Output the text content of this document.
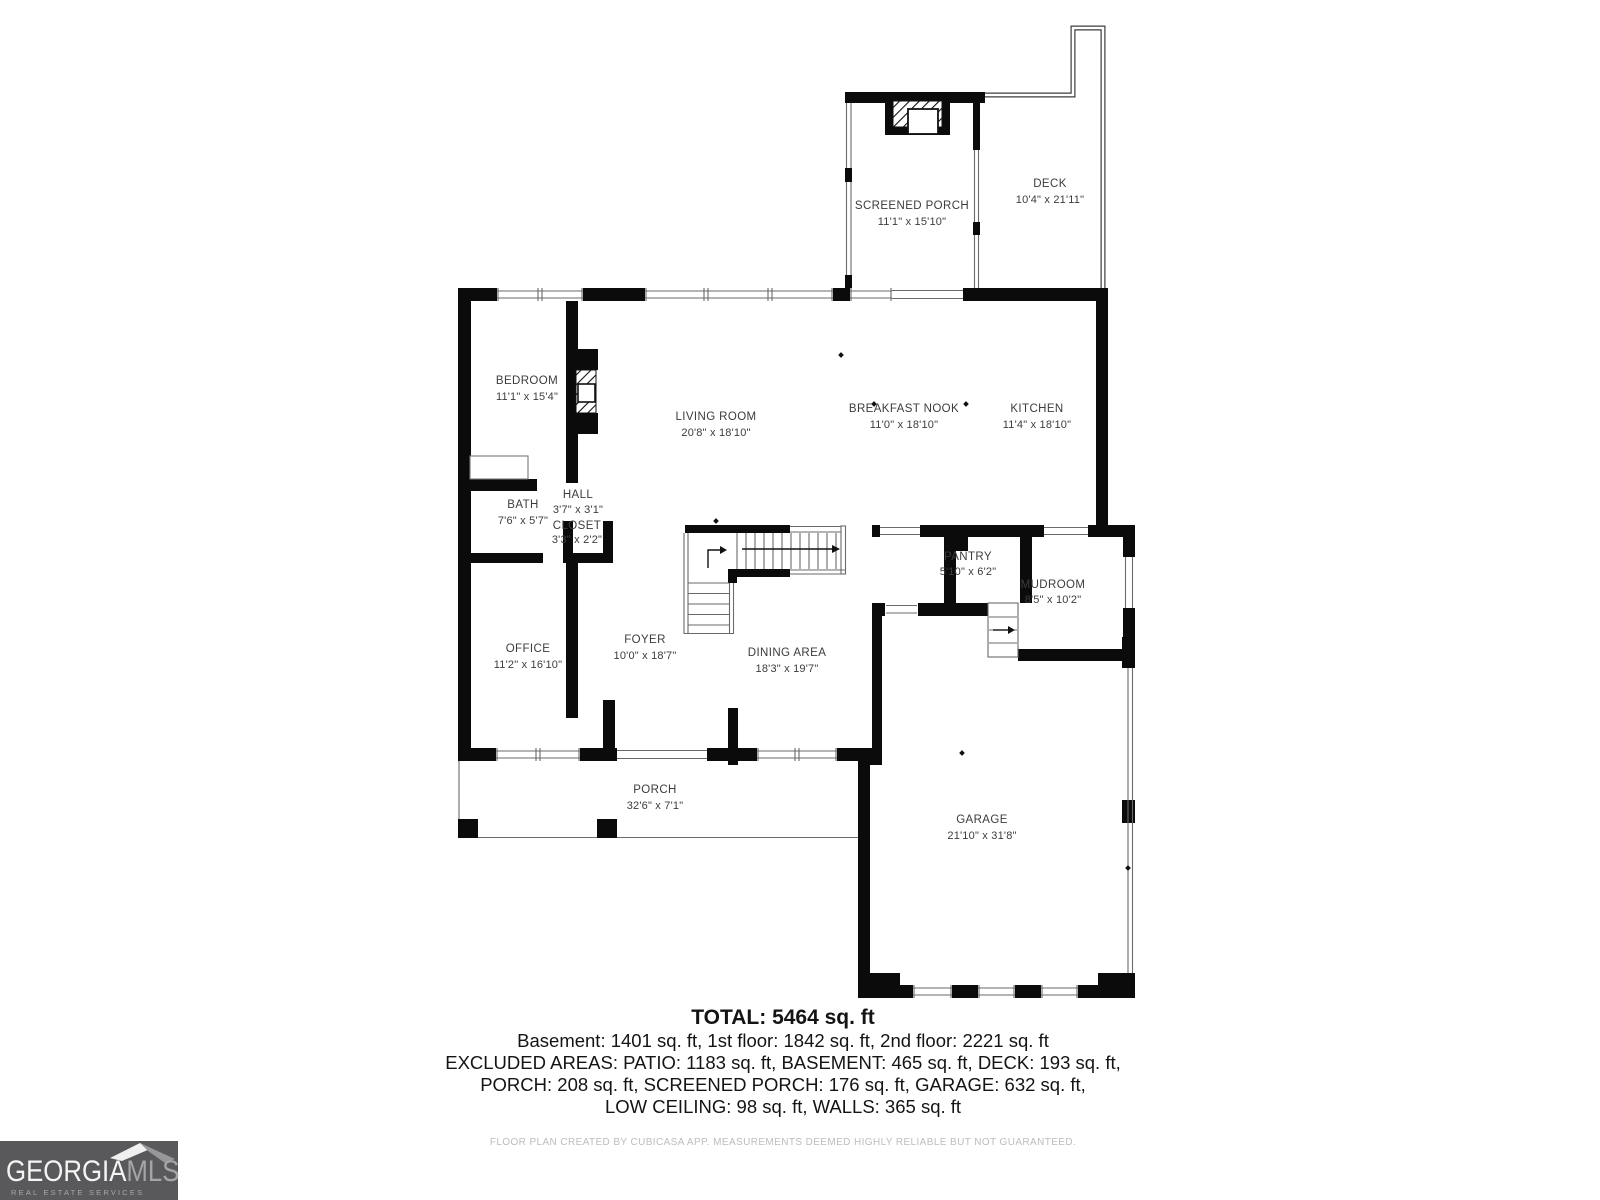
SCREENED PORCH
11'1" x 15'10"
DECK
10'4" x 21'11"
BEDROOM
11'1" x 15'4"
LIVING ROOM
20'8" x 18'10"
BREAKFAST NOOK
11'0" x 18'10"
KITCHEN
11'4" x 18'10"
BATH
7'6" x 5'7"
HALL
3'7" x 3'1"
CLOSET
3'3" x 2'2"
OFFICE
11'2" x 16'10"
FOYER
10'0" x 18'7"	DINING AREA
18'3" x 19'7"
PANTRY
5'10" x 6'2"
MUDROOM
8'5" x 10'2"
PORCH
32'6" x 7'1"
GARAGE
21'10" x 31'8"
TOTAL: 5464 sq. ft
Basement: 1401 sq. ft, 1st floor: 1842 sq. ft, 2nd floor: 2221 sq. ft
EXCLUDED AREAS: PATIO: 1183 sq. ft, BASEMENT: 465 sq. ft, DECK: 193 sq. ft,
PORCH: 208 sq. ft, SCREENED PORCH: 176 sq. ft, GARAGE: 632 sq. ft,
LOW CEILING: 98 sq. ft, WALLS: 365 sq. ft
FLOOR PLAN CREATED BY CUBICASA APP. MEASUREMENTS DEEMED HIGHLY RELIABLE BUT NOT GUARANTEED.
GEORGIAMLS
REAL ESTATE SERVICES
